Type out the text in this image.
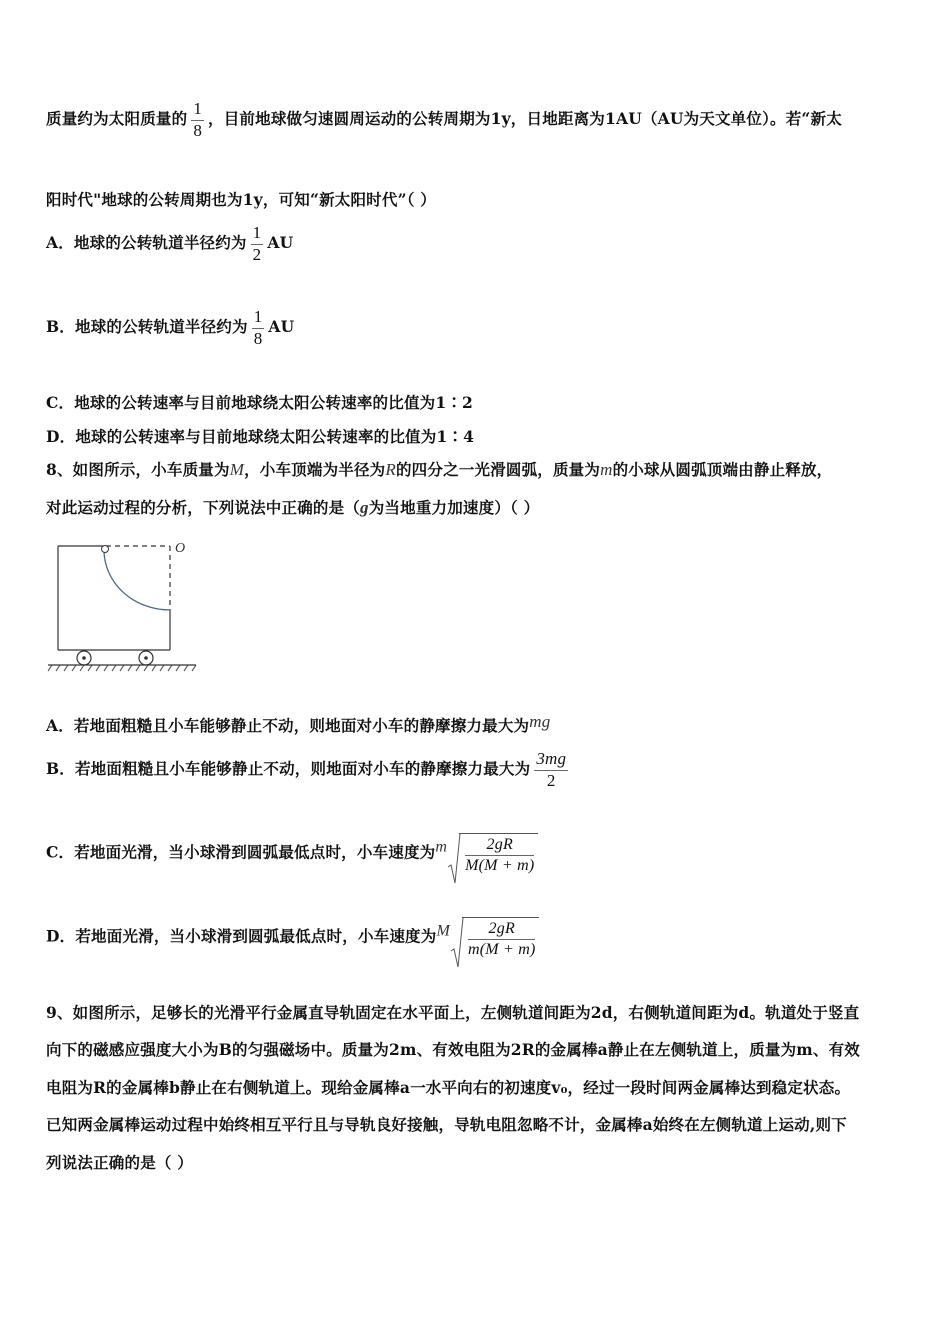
质量约为太阳质量的 $\frac{1}{8}$ ，目前地球做匀速圆周运动的公转周期为1y，日地距离为1AU（AU为天文单位）。若“新太
阳时代"地球的公转周期也为1y，可知“新太阳时代”（ ）
A．地球的公转轨道半径约为 $\frac{1}{2}$ AU
B．地球的公转轨道半径约为 $\frac{1}{8}$ AU
C．地球的公转速率与目前地球绕太阳公转速率的比值为1∶2
D．地球的公转速率与目前地球绕太阳公转速率的比值为1∶4
8、如图所示，小车质量为M，小车顶端为半径为R的四分之一光滑圆弧，质量为m的小球从圆弧顶端由静止释放，
对此运动过程的分析，下列说法中正确的是（g为当地重力加速度）（ ）
O
A．若地面粗糙且小车能够静止不动，则地面对小车的静摩擦力最大为mg
B．若地面粗糙且小车能够静止不动，则地面对小车的静摩擦力最大为 $\frac{3mg}{2}$
C．若地面光滑，当小球滑到圆弧最低点时，小车速度为m $\frac{2gR}{M(M + m)}$
D．若地面光滑，当小球滑到圆弧最低点时，小车速度为M $\frac{2gR}{m(M + m)}$
9、如图所示，足够长的光滑平行金属直导轨固定在水平面上，左侧轨道间距为2d，右侧轨道间距为d。轨道处于竖直
向下的磁感应强度大小为B的匀强磁场中。质量为2m、有效电阻为2R的金属棒a静止在左侧轨道上，质量为m、有效
电阻为R的金属棒b静止在右侧轨道上。现给金属棒a一水平向右的初速度v₀，经过一段时间两金属棒达到稳定状态。
已知两金属棒运动过程中始终相互平行且与导轨良好接触，导轨电阻忽略不计，金属棒a始终在左侧轨道上运动,则下
列说法正确的是（ ）
